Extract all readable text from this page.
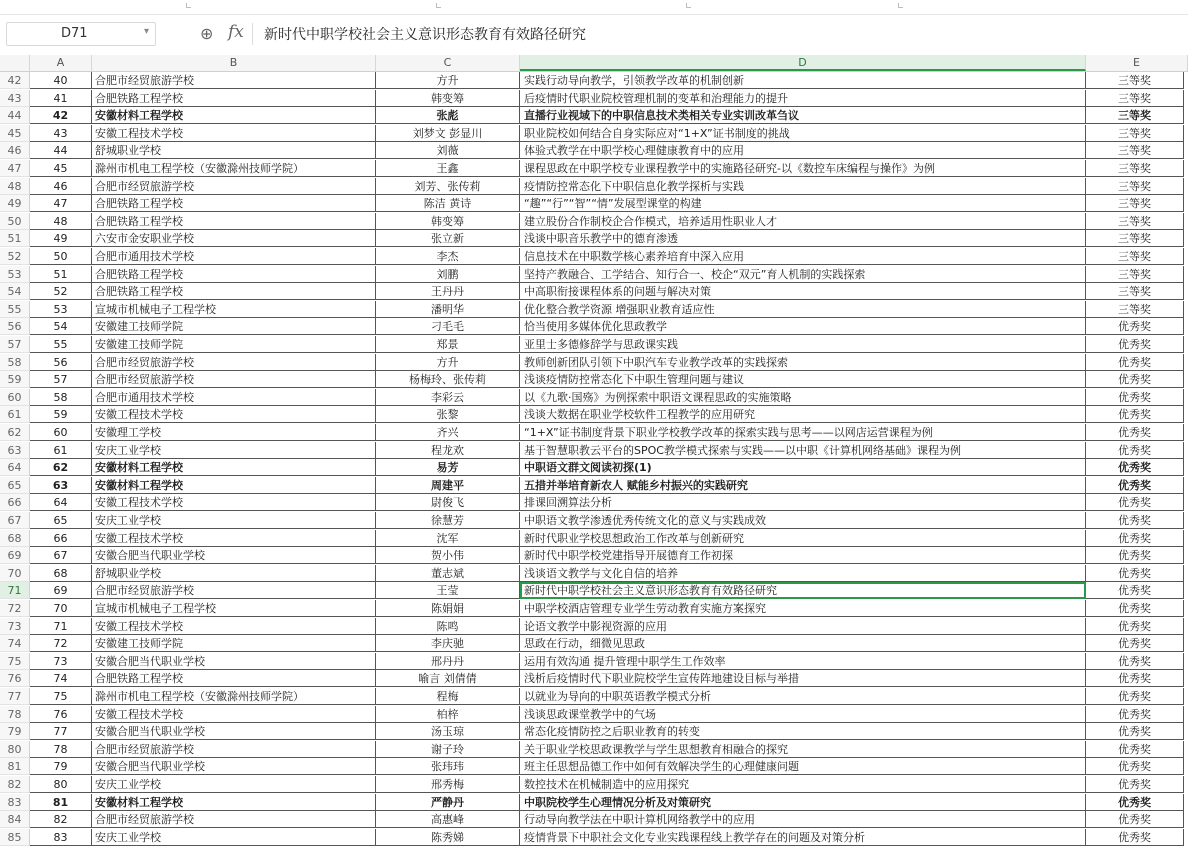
D71	▾	⊕ fx 新时代中职学校社会主义意识形态教育有效路径研究
A	B	C	D	E
42	40	合肥市经贸旅游学校	方升	实践行动导向教学，引领教学改革的机制创新	三等奖
43	41	合肥铁路工程学校	韩变筹	后疫情时代职业院校管理机制的变革和治理能力的提升	三等奖
44	42	安徽材料工程学校	张彪	直播行业视域下的中职信息技术类相关专业实训改革刍议	三等奖
45	43	安徽工程技术学校	刘梦文 彭显川	职业院校如何结合自身实际应对“1+X”证书制度的挑战	三等奖
46	44	舒城职业学校	刘薇	体验式教学在中职学校心理健康教育中的应用	三等奖
47	45	滁州市机电工程学校（安徽滁州技师学院）	王鑫	课程思政在中职学校专业课程教学中的实施路径研究-以《数控车床编程与操作》为例	三等奖
48	46	合肥市经贸旅游学校	刘芳、张传莉	疫情防控常态化下中职信息化教学探析与实践	三等奖
49	47	合肥铁路工程学校	陈洁 黄诗	“趣”“行”“智”“情”发展型课堂的构建	三等奖
50	48	合肥铁路工程学校	韩变筹	建立股份合作制校企合作模式，培养适用性职业人才	三等奖
51	49	六安市金安职业学校	张立新	浅谈中职音乐教学中的德育渗透	三等奖
52	50	合肥市通用技术学校	李杰	信息技术在中职数学核心素养培育中深入应用	三等奖
53	51	合肥铁路工程学校	刘鹏	坚持产教融合、工学结合、知行合一、校企“双元”育人机制的实践探索	三等奖
54	52	合肥铁路工程学校	王丹丹	中高职衔接课程体系的问题与解决对策	三等奖
55	53	宣城市机械电子工程学校	潘明华	优化整合教学资源 增强职业教育适应性	三等奖
56	54	安徽建工技师学院	刁毛毛	恰当使用多媒体优化思政教学	优秀奖
57	55	安徽建工技师学院	郑景	亚里士多德修辞学与思政课实践	优秀奖
58	56	合肥市经贸旅游学校	方升	教师创新团队引领下中职汽车专业教学改革的实践探索	优秀奖
59	57	合肥市经贸旅游学校	杨梅玲、张传莉	浅谈疫情防控常态化下中职生管理问题与建议	优秀奖
60	58	合肥市通用技术学校	李彩云	以《九歌·国殇》为例探索中职语文课程思政的实施策略	优秀奖
61	59	安徽工程技术学校	张黎	浅谈大数据在职业学校软件工程教学的应用研究	优秀奖
62	60	安徽理工学校	齐兴	“1+X”证书制度背景下职业学校教学改革的探索实践与思考——以网店运营课程为例	优秀奖
63	61	安庆工业学校	程龙欢	基于智慧职教云平台的SPOC教学模式探索与实践——以中职《计算机网络基础》课程为例	优秀奖
64	62	安徽材料工程学校	易芳	中职语文群文阅读初探(1)	优秀奖
65	63	安徽材料工程学校	周建平	五措并举培育新农人 赋能乡村振兴的实践研究	优秀奖
66	64	安徽工程技术学校	尉俊飞	排课回溯算法分析	优秀奖
67	65	安庆工业学校	徐慧芳	中职语文教学渗透优秀传统文化的意义与实践成效	优秀奖
68	66	安徽工程技术学校	沈军	新时代职业学校思想政治工作改革与创新研究	优秀奖
69	67	安徽合肥当代职业学校	贺小伟	新时代中职学校党建指导开展德育工作初探	优秀奖
70	68	舒城职业学校	董志斌	浅谈语文教学与文化自信的培养	优秀奖
71	69	合肥市经贸旅游学校	王莹	新时代中职学校社会主义意识形态教育有效路径研究	优秀奖
72	70	宣城市机械电子工程学校	陈娟娟	中职学校酒店管理专业学生劳动教育实施方案探究	优秀奖
73	71	安徽工程技术学校	陈鸣	论语文教学中影视资源的应用	优秀奖
74	72	安徽建工技师学院	李庆驰	思政在行动，细微见思政	优秀奖
75	73	安徽合肥当代职业学校	邢丹丹	运用有效沟通 提升管理中职学生工作效率	优秀奖
76	74	合肥铁路工程学校	喻言 刘倩倩	浅析后疫情时代下职业院校学生宣传阵地建设目标与举措	优秀奖
77	75	滁州市机电工程学校（安徽滁州技师学院）	程梅	以就业为导向的中职英语教学模式分析	优秀奖
78	76	安徽工程技术学校	柏梓	浅谈思政课堂教学中的气场	优秀奖
79	77	安徽合肥当代职业学校	汤玉琼	常态化疫情防控之后职业教育的转变	优秀奖
80	78	合肥市经贸旅游学校	谢子玲	关于职业学校思政课教学与学生思想教育相融合的探究	优秀奖
81	79	安徽合肥当代职业学校	张玮玮	班主任思想品德工作中如何有效解决学生的心理健康问题	优秀奖
82	80	安庆工业学校	邢秀梅	数控技术在机械制造中的应用探究	优秀奖
83	81	安徽材料工程学校	严静丹	中职院校学生心理情况分析及对策研究	优秀奖
84	82	合肥市经贸旅游学校	高惠峰	行动导向教学法在中职计算机网络教学中的应用	优秀奖
85	83	安庆工业学校	陈秀娣	疫情背景下中职社会文化专业实践课程线上教学存在的问题及对策分析	优秀奖
